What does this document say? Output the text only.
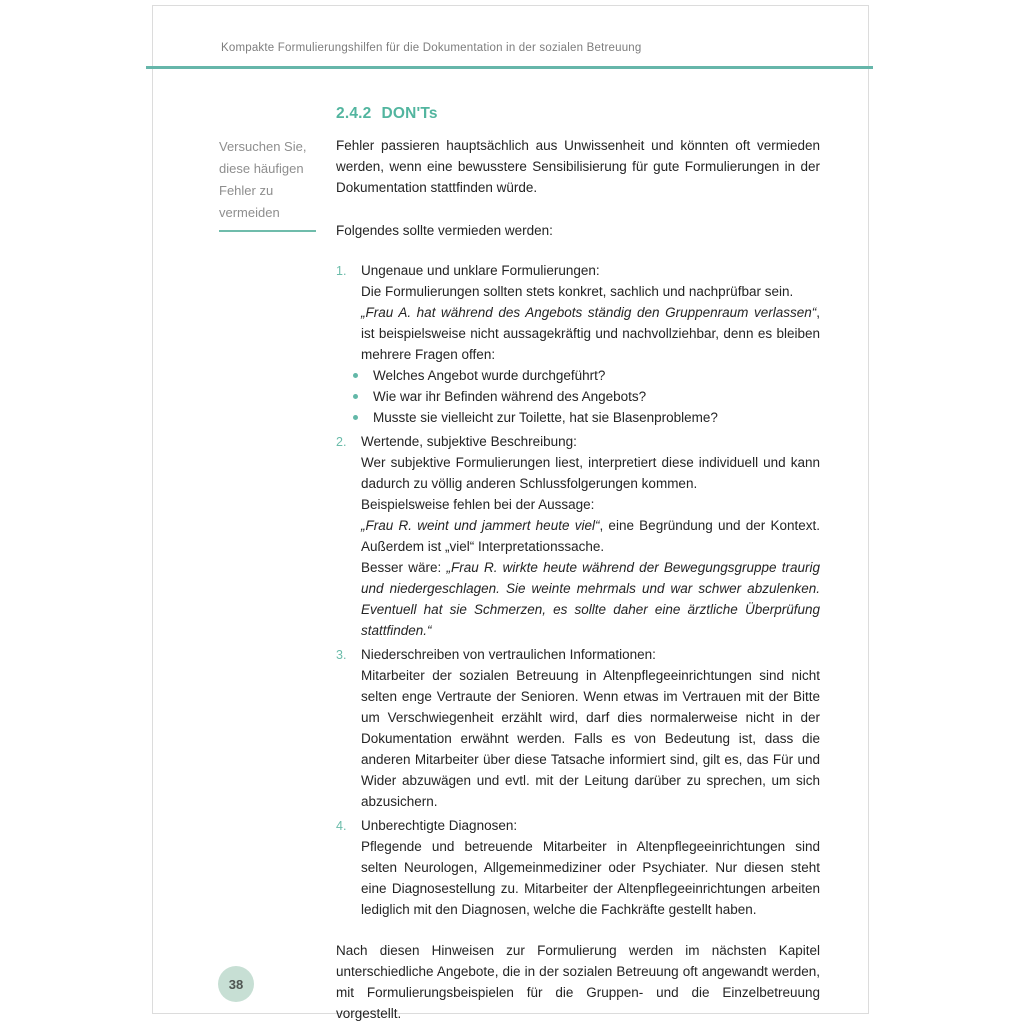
Kompakte Formulierungshilfen für die Dokumentation in der sozialen Betreuung
2.4.2 DON'Ts
Versuchen Sie,
diese häufigen
Fehler zu
vermeiden
Fehler passieren hauptsächlich aus Unwissenheit und könnten oft vermieden werden, wenn eine bewusstere Sensibilisierung für gute Formulierungen in der Dokumentation stattfinden würde.
Folgendes sollte vermieden werden:
1.	Ungenaue und unklare Formulierungen:
Die Formulierungen sollten stets konkret, sachlich und nachprüfbar sein.
„Frau A. hat während des Angebots ständig den Gruppenraum verlassen“, ist beispielsweise nicht aussagekräftig und nachvollziehbar, denn es bleiben mehrere Fragen offen:
Welches Angebot wurde durchgeführt?
Wie war ihr Befinden während des Angebots?
Musste sie vielleicht zur Toilette, hat sie Blasenprobleme?
2.	Wertende, subjektive Beschreibung:
Wer subjektive Formulierungen liest, interpretiert diese individuell und kann dadurch zu völlig anderen Schlussfolgerungen kommen.
Beispielsweise fehlen bei der Aussage:
„Frau R. weint und jammert heute viel“, eine Begründung und der Kontext. Außerdem ist „viel“ Interpretationssache.
Besser wäre: „Frau R. wirkte heute während der Bewegungsgruppe traurig und niedergeschlagen. Sie weinte mehrmals und war schwer abzulenken. Eventuell hat sie Schmerzen, es sollte daher eine ärztliche Überprüfung stattfinden.“
3.	Niederschreiben von vertraulichen Informationen:
Mitarbeiter der sozialen Betreuung in Altenpflegeeinrichtungen sind nicht selten enge Vertraute der Senioren. Wenn etwas im Vertrauen mit der Bitte um Verschwiegenheit erzählt wird, darf dies normalerweise nicht in der Dokumentation erwähnt werden. Falls es von Bedeutung ist, dass die anderen Mitarbeiter über diese Tatsache informiert sind, gilt es, das Für und Wider abzuwägen und evtl. mit der Leitung darüber zu sprechen, um sich abzusichern.
4.	Unberechtigte Diagnosen:
Pflegende und betreuende Mitarbeiter in Altenpflegeeinrichtungen sind selten Neurologen, Allgemeinmediziner oder Psychiater. Nur diesen steht eine Diagnosestellung zu. Mitarbeiter der Altenpflegeeinrichtungen arbeiten lediglich mit den Diagnosen, welche die Fachkräfte gestellt haben.
Nach diesen Hinweisen zur Formulierung werden im nächsten Kapitel unterschiedliche Angebote, die in der sozialen Betreuung oft angewandt werden, mit Formulierungsbeispielen für die Gruppen- und die Einzelbetreuung vorgestellt.
38
